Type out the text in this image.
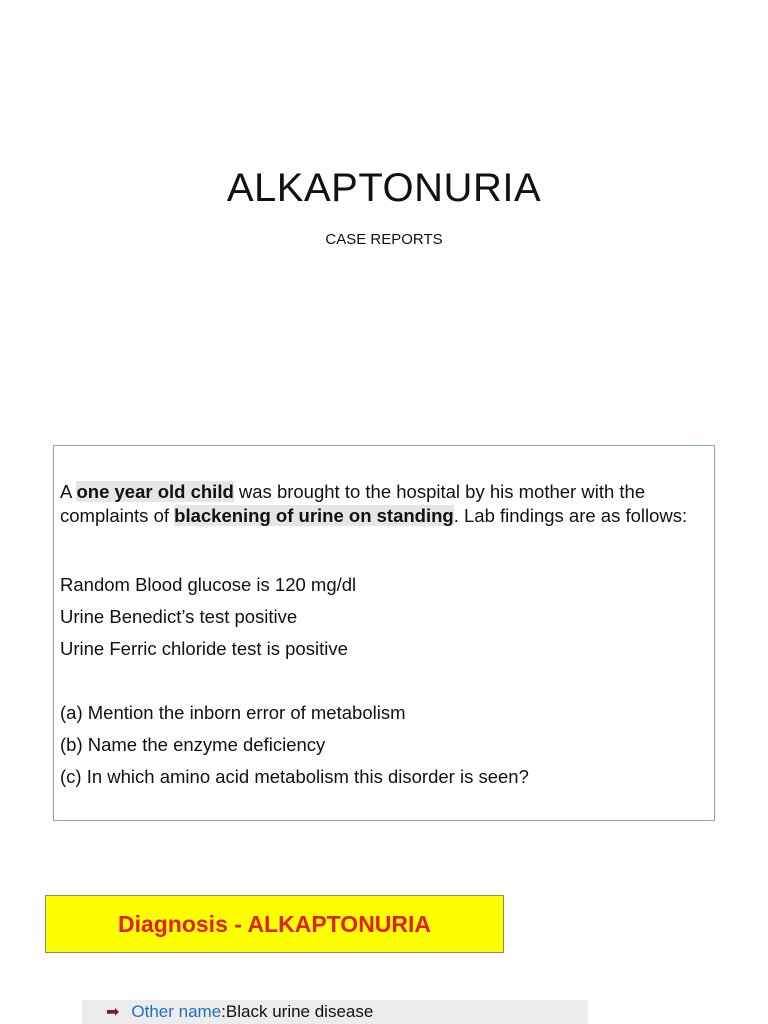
ALKAPTONURIA
CASE REPORTS

A one year old child was brought to the hospital by his mother with the complaints of blackening of urine on standing. Lab findings are as follows:

Random Blood glucose is 120 mg/dl
Urine Benedict’s test positive
Urine Ferric chloride test is positive
(a) Mention the inborn error of metabolism
(b) Name the enzyme deficiency
(c) In which amino acid metabolism this disorder is seen?
Diagnosis - ALKAPTONURIA
➡ Other name : Black urine disease
